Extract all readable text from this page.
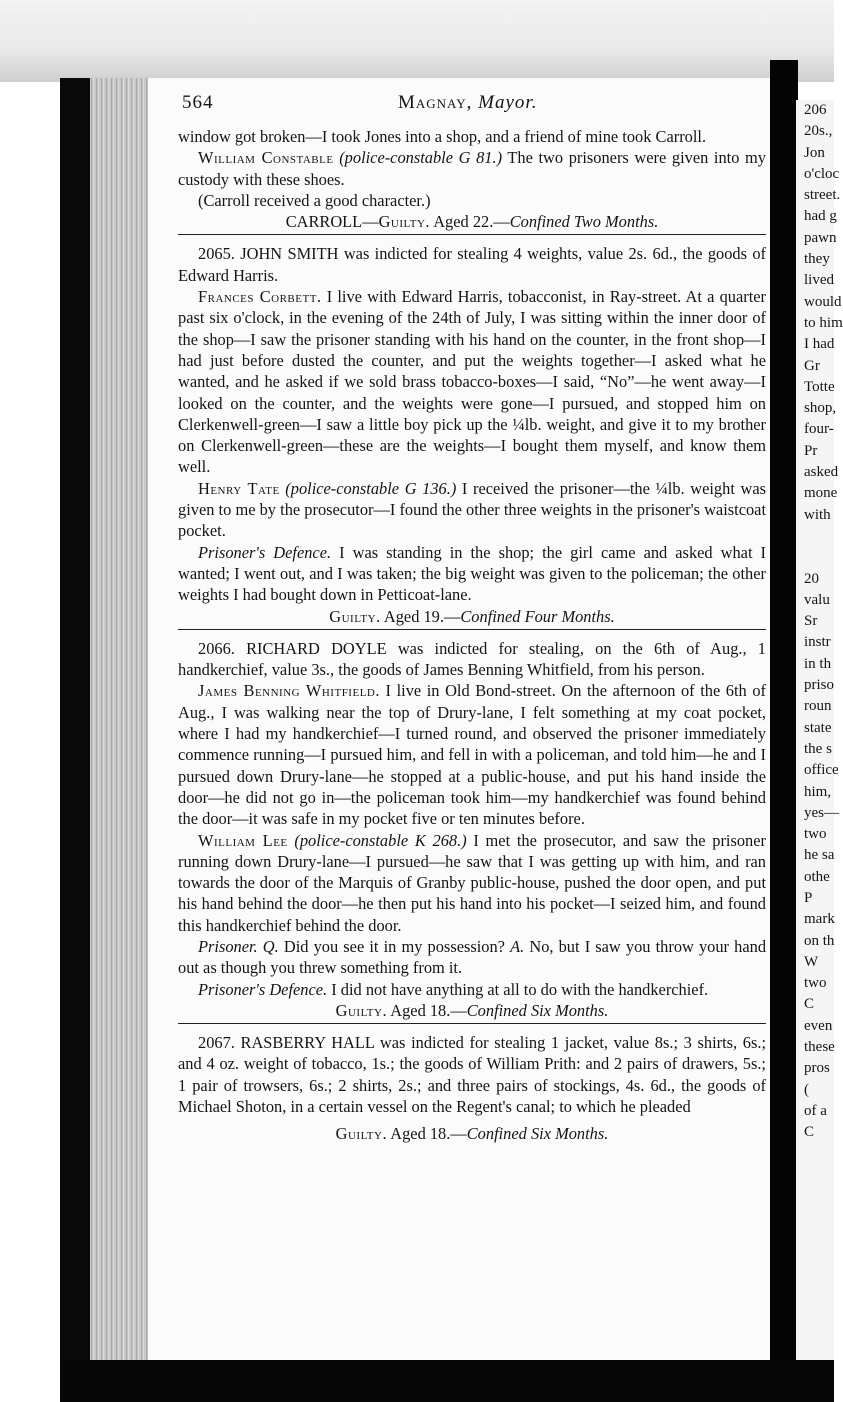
206
20s.,
Jon
o'cloc
street.
had g
pawn
they
lived
would
to him
I had
Gr
Totte
shop,
four-
Pr
asked
mone
with

20
valu
Sr
instr
in th
priso
roun
state
the s
office
him,
yes—
two
he sa
othe
P
mark
on th
W
two
C
even
these
pros
(
of a
C
564	Magnay, Mayor.

window got broken—I took Jones into a shop, and a friend of mine took Carroll.

William Constable (police-constable G 81.) The two prisoners were given into my custody with these shoes.

(Carroll received a good character.)

CARROLL—Guilty. Aged 22.—Confined Two Months.

2065. JOHN SMITH was indicted for stealing 4 weights, value 2s. 6d., the goods of Edward Harris.

Frances Corbett. I live with Edward Harris, tobacconist, in Ray-street. At a quarter past six o'clock, in the evening of the 24th of July, I was sitting within the inner door of the shop—I saw the prisoner standing with his hand on the counter, in the front shop—I had just before dusted the counter, and put the weights together—I asked what he wanted, and he asked if we sold brass tobacco-boxes—I said, “No”—he went away—I looked on the counter, and the weights were gone—I pursued, and stopped him on Clerkenwell-green—I saw a little boy pick up the ¼lb. weight, and give it to my brother on Clerkenwell-green—these are the weights—I bought them myself, and know them well.

Henry Tate (police-constable G 136.) I received the prisoner—the ¼lb. weight was given to me by the prosecutor—I found the other three weights in the prisoner's waistcoat pocket.

Prisoner's Defence. I was standing in the shop; the girl came and asked what I wanted; I went out, and I was taken; the big weight was given to the policeman; the other weights I had bought down in Petticoat-lane.

Guilty. Aged 19.—Confined Four Months.

2066. RICHARD DOYLE was indicted for stealing, on the 6th of Aug., 1 handkerchief, value 3s., the goods of James Benning Whitfield, from his person.

James Benning Whitfield. I live in Old Bond-street. On the afternoon of the 6th of Aug., I was walking near the top of Drury-lane, I felt something at my coat pocket, where I had my handkerchief—I turned round, and observed the prisoner immediately commence running—I pursued him, and fell in with a policeman, and told him—he and I pursued down Drury-lane—he stopped at a public-house, and put his hand inside the door—he did not go in—the policeman took him—my handkerchief was found behind the door—it was safe in my pocket five or ten minutes before.

William Lee (police-constable K 268.) I met the prosecutor, and saw the prisoner running down Drury-lane—I pursued—he saw that I was getting up with him, and ran towards the door of the Marquis of Granby public-house, pushed the door open, and put his hand behind the door—he then put his hand into his pocket—I seized him, and found this handkerchief behind the door.

Prisoner. Q. Did you see it in my possession? A. No, but I saw you throw your hand out as though you threw something from it.

Prisoner's Defence. I did not have anything at all to do with the handkerchief.

Guilty. Aged 18.—Confined Six Months.

2067. RASBERRY HALL was indicted for stealing 1 jacket, value 8s.; 3 shirts, 6s.; and 4 oz. weight of tobacco, 1s.; the goods of William Prith: and 2 pairs of drawers, 5s.; 1 pair of trowsers, 6s.; 2 shirts, 2s.; and three pairs of stockings, 4s. 6d., the goods of Michael Shoton, in a certain vessel on the Regent's canal; to which he pleaded

Guilty. Aged 18.—Confined Six Months.
